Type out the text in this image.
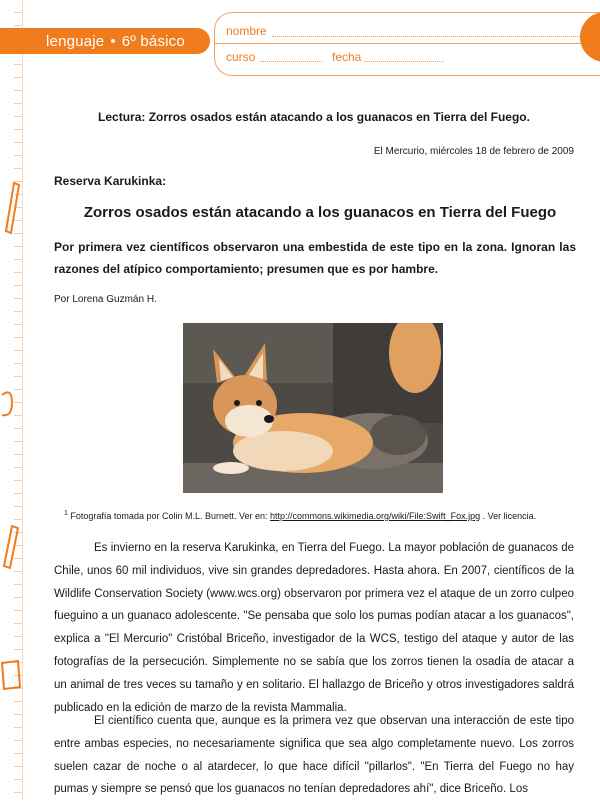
lenguaje • 6º básico
nombre
curso	fecha
Lectura: Zorros osados están atacando a los guanacos en Tierra del Fuego.
El Mercurio, miércoles 18 de febrero de 2009
Reserva Karukinka:
Zorros osados están atacando a los guanacos en Tierra del Fuego
Por primera vez científicos observaron una embestida de este tipo en la zona. Ignoran las razones del atípico comportamiento; presumen que es por hambre.
Por Lorena Guzmán H.
$^1$ Fotografía tomada por Colin M.L. Burnett. Ver en: http://commons.wikimedia.org/wiki/File:Swift_Fox.jpg . Ver licencia.
Es invierno en la reserva Karukinka, en Tierra del Fuego. La mayor población de guanacos de Chile, unos 60 mil individuos, vive sin grandes depredadores. Hasta ahora. En 2007, científicos de la Wildlife Conservation Society (www.wcs.org) observaron por primera vez el ataque de un zorro culpeo fueguino a un guanaco adolescente. "Se pensaba que solo los pumas podían atacar a los guanacos", explica a "El Mercurio" Cristóbal Briceño, investigador de la WCS, testigo del ataque y autor de las fotografías de la persecución. Simplemente no se sabía que los zorros tienen la osadía de atacar a un animal de tres veces su tamaño y en solitario. El hallazgo de Briceño y otros investigadores saldrá publicado en la edición de marzo de la revista Mammalia.
El científico cuenta que, aunque es la primera vez que observan una interacción de este tipo entre ambas especies, no necesariamente significa que sea algo completamente nuevo. Los zorros suelen cazar de noche o al atardecer, lo que hace difícil "pillarlos". "En Tierra del Fuego no hay pumas y siempre se pensó que los guanacos no tenían depredadores ahí", dice Briceño. Los
